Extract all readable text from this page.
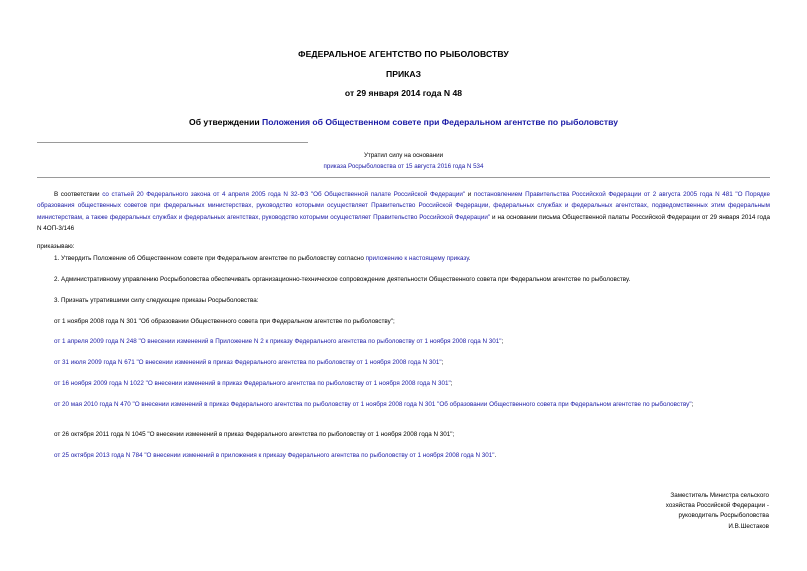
ФЕДЕРАЛЬНОЕ АГЕНТСТВО ПО РЫБОЛОВСТВУ
ПРИКАЗ
от 29 января 2014 года N 48
Об утверждении Положения об Общественном совете при Федеральном агентстве по рыболовству
Утратил силу на основании
приказа Росрыболовства от 15 августа 2016 года N 534
В соответствии со статьей 20 Федерального закона от 4 апреля 2005 года N 32-ФЗ "Об Общественной палате Российской Федерации" и постановлением Правительства Российской Федерации от 2 августа 2005 года N 481 "О Порядке образования общественных советов при федеральных министерствах, руководство которыми осуществляет Правительство Российской Федерации, федеральных службах и федеральных агентствах, подведомственных этим федеральным министерствам, а также федеральных службах и федеральных агентствах, руководство которыми осуществляет Правительство Российской Федерации" и на основании письма Общественной палаты Российской Федерации от 29 января 2014 года N 4ОП-3/146
приказываю:
1. Утвердить Положение об Общественном совете при Федеральном агентстве по рыболовству согласно приложению к настоящему приказу.
2. Административному управлению Росрыболовства обеспечивать организационно-техническое сопровождение деятельности Общественного совета при Федеральном агентстве по рыболовству.
3. Признать утратившими силу следующие приказы Росрыболовства:
от 1 ноября 2008 года N 301 "Об образовании Общественного совета при Федеральном агентстве по рыболовству";
от 1 апреля 2009 года N 248 "О внесении изменений в Приложение N 2 к приказу Федерального агентства по рыболовству от 1 ноября 2008 года N 301";
от 31 июля 2009 года N 671 "О внесении изменений в приказ Федерального агентства по рыболовству от 1 ноября 2008 года N 301";
от 16 ноября 2009 года N 1022 "О внесении изменений в приказ Федерального агентства по рыболовству от 1 ноября 2008 года N 301";
от 20 мая 2010 года N 470 "О внесении изменений в приказ Федерального агентства по рыболовству от 1 ноября 2008 года N 301 "Об образовании Общественного совета при Федеральном агентстве по рыболовству";
от 26 октября 2011 года N 1045 "О внесении изменений в приказ Федерального агентства по рыболовству от 1 ноября 2008 года N 301";
от 25 октября 2013 года N 784 "О внесении изменений в приложения к приказу Федерального агентства по рыболовству от 1 ноября 2008 года N 301".
Заместитель Министра сельского
хозяйства Российской Федерации -
руководитель Росрыболовства
И.В.Шестаков
